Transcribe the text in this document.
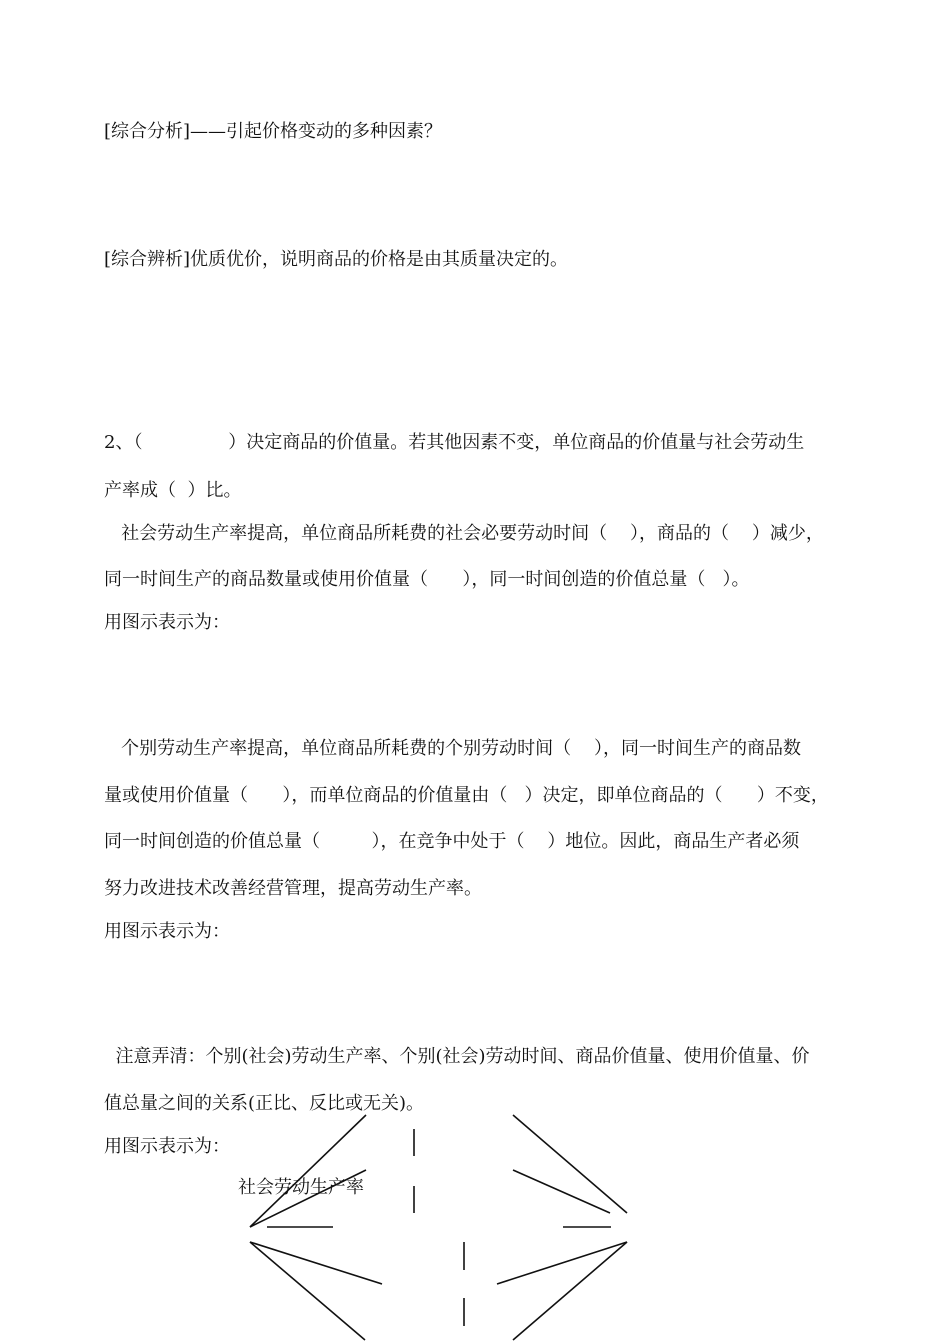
[综合分析]——引起价格变动的多种因素？
[综合辨析]优质优价，说明商品的价格是由其质量决定的。
2、（               ）决定商品的价值量。若其他因素不变，单位商品的价值量与社会劳动生
产率成（  ）比。
社会劳动生产率提高，单位商品所耗费的社会必要劳动时间（    ），商品的（    ）减少，
同一时间生产的商品数量或使用价值量（      ），同一时间创造的价值总量（   ）。
用图示表示为：
个别劳动生产率提高，单位商品所耗费的个别劳动时间（    ），同一时间生产的商品数
量或使用价值量（      ），而单位商品的价值量由（   ）决定，即单位商品的（      ）不变，
同一时间创造的价值总量（         ），在竞争中处于（    ）地位。因此，商品生产者必须
努力改进技术改善经营管理，提高劳动生产率。
用图示表示为：
注意弄清：个别(社会)劳动生产率、个别(社会)劳动时间、商品价值量、使用价值量、价
值总量之间的关系(正比、反比或无关)。
用图示表示为：
社会劳动生产率
